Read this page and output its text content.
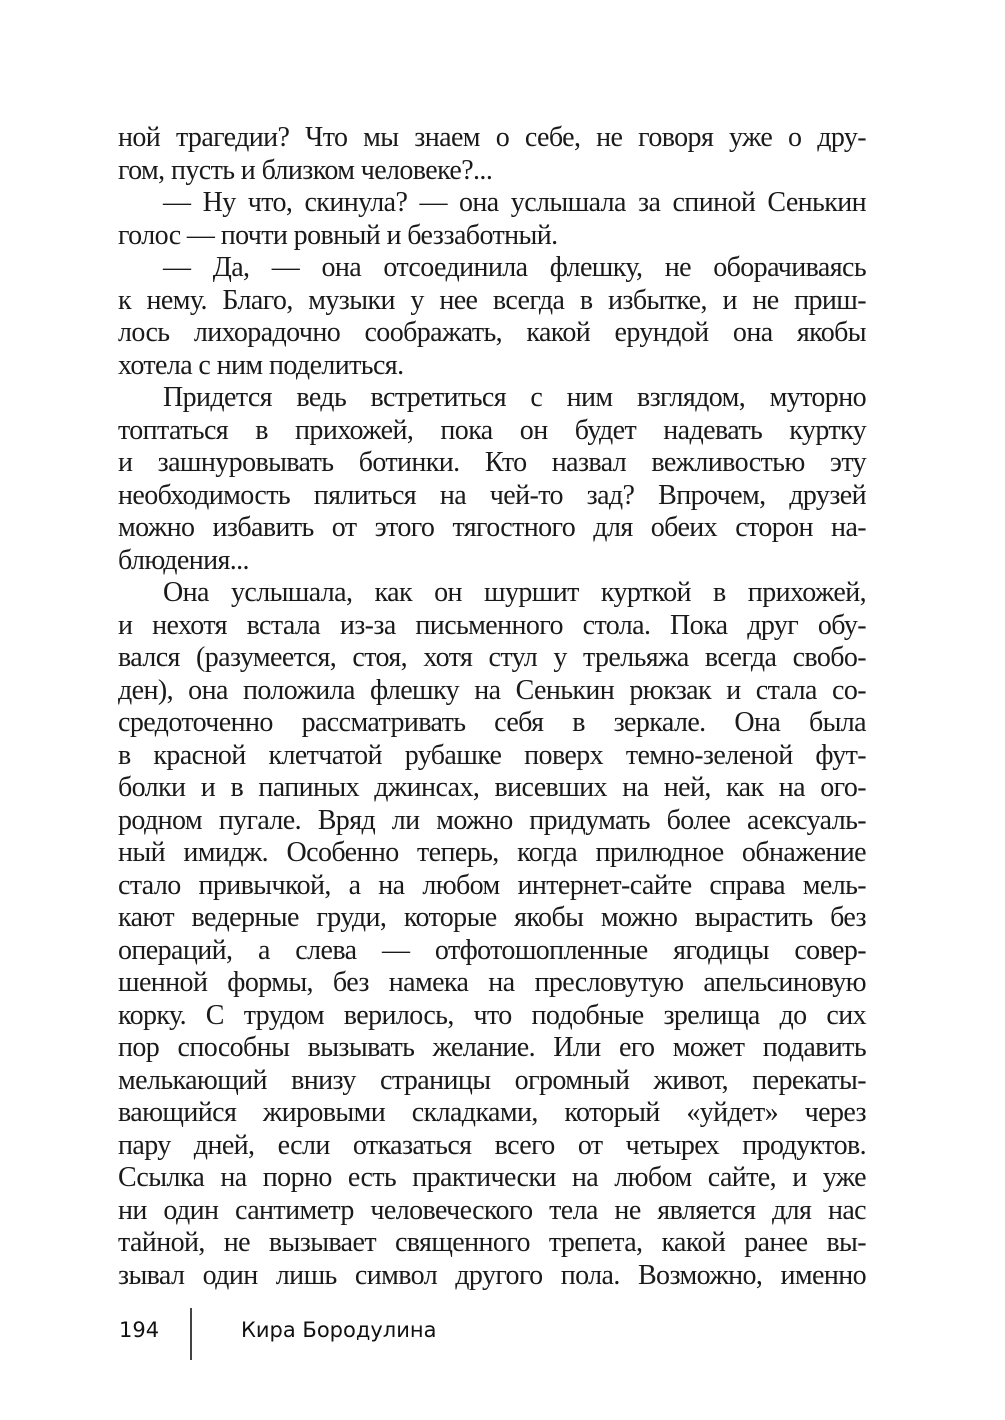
ной трагедии? Что мы знаем о себе, не говоря уже о дру-
гом, пусть и близком человеке?...
— Ну что, скинула? — она услышала за спиной Сенькин
голос — почти ровный и беззаботный.
— Да, — она отсоединила флешку, не оборачиваясь
к нему. Благо, музыки у нее всегда в избытке, и не приш-
лось лихорадочно соображать, какой ерундой она якобы
хотела с ним поделиться.
Придется ведь встретиться с ним взглядом, муторно
топтаться в прихожей, пока он будет надевать куртку
и зашнуровывать ботинки. Кто назвал вежливостью эту
необходимость пялиться на чей-то зад? Впрочем, друзей
можно избавить от этого тягостного для обеих сторон на-
блюдения...
Она услышала, как он шуршит курткой в прихожей,
и нехотя встала из-за письменного стола. Пока друг обу-
вался (разумеется, стоя, хотя стул у трельяжа всегда свобо-
ден), она положила флешку на Сенькин рюкзак и стала со-
средоточенно рассматривать себя в зеркале. Она была
в красной клетчатой рубашке поверх темно-зеленой фут-
болки и в папиных джинсах, висевших на ней, как на ого-
родном пугале. Вряд ли можно придумать более асексуаль-
ный имидж. Особенно теперь, когда прилюдное обнажение
стало привычкой, а на любом интернет-сайте справа мель-
кают ведерные груди, которые якобы можно вырастить без
операций, а слева — отфотошопленные ягодицы совер-
шенной формы, без намека на пресловутую апельсиновую
корку. С трудом верилось, что подобные зрелища до сих
пор способны вызывать желание. Или его может подавить
мелькающий внизу страницы огромный живот, перекаты-
вающийся жировыми складками, который «уйдет» через
пару дней, если отказаться всего от четырех продуктов.
Ссылка на порно есть практически на любом сайте, и уже
ни один сантиметр человеческого тела не является для нас
тайной, не вызывает священного трепета, какой ранее вы-
зывал один лишь символ другого пола. Возможно, именно
194	Кира Бородулина
